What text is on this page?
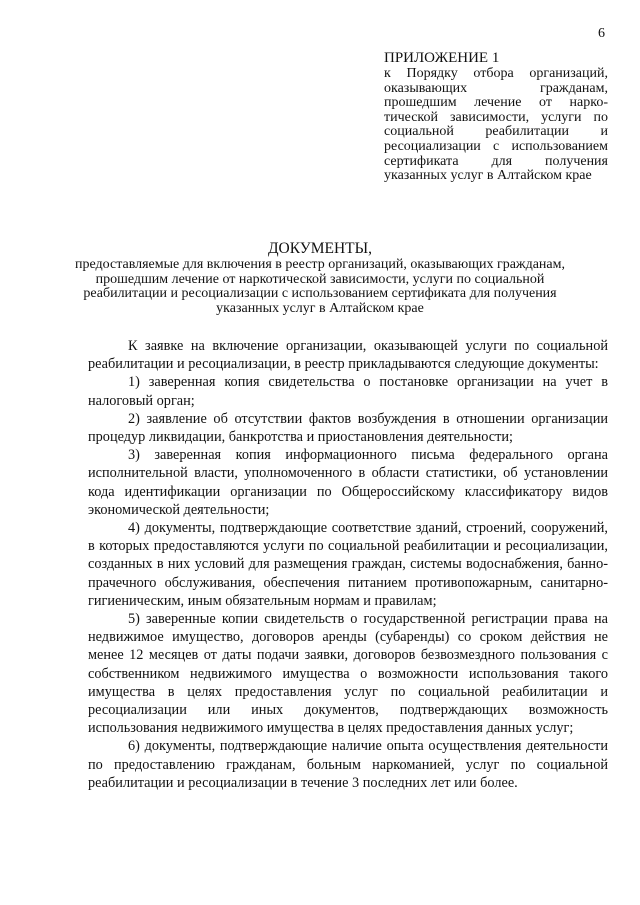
6
ПРИЛОЖЕНИЕ 1
к Порядку отбора организаций, оказывающих гражданам, прошедшим лечение от наркотической зависимости, услуги по социальной реабилитации и ресоциализации с использованием сертификата для получения указанных услуг в Алтайском крае
ДОКУМЕНТЫ,
предоставляемые для включения в реестр организаций, оказывающих гражданам, прошедшим лечение от наркотической зависимости, услуги по социальной реабилитации и ресоциализации с использованием сертификата для получения указанных услуг в Алтайском крае

К заявке на включение организации, оказывающей услуги по социальной реабилитации и ресоциализации, в реестр прикладываются следующие документы:

1) заверенная копия свидетельства о постановке организации на учет в налоговый орган;

2) заявление об отсутствии фактов возбуждения в отношении организации процедур ликвидации, банкротства и приостановления деятельности;

3) заверенная копия информационного письма федерального органа исполнительной власти, уполномоченного в области статистики, об установлении кода идентификации организации по Общероссийскому классификатору видов экономической деятельности;

4) документы, подтверждающие соответствие зданий, строений, сооружений, в которых предоставляются услуги по социальной реабилитации и ресоциализации, созданных в них условий для размещения граждан, системы водоснабжения, банно-прачечного обслуживания, обеспечения питанием противопожарным, санитарно-гигиеническим, иным обязательным нормам и правилам;

5) заверенные копии свидетельств о государственной регистрации права на недвижимое имущество, договоров аренды (субаренды) со сроком действия не менее 12 месяцев от даты подачи заявки, договоров безвозмездного пользования с собственником недвижимого имущества о возможности использования такого имущества в целях предоставления услуг по социальной реабилитации и ресоциализации или иных документов, подтверждающих возможность использования недвижимого имущества в целях предоставления данных услуг;

6) документы, подтверждающие наличие опыта осуществления деятельности по предоставлению гражданам, больным наркоманией, услуг по социальной реабилитации и ресоциализации в течение 3 последних лет или более.
